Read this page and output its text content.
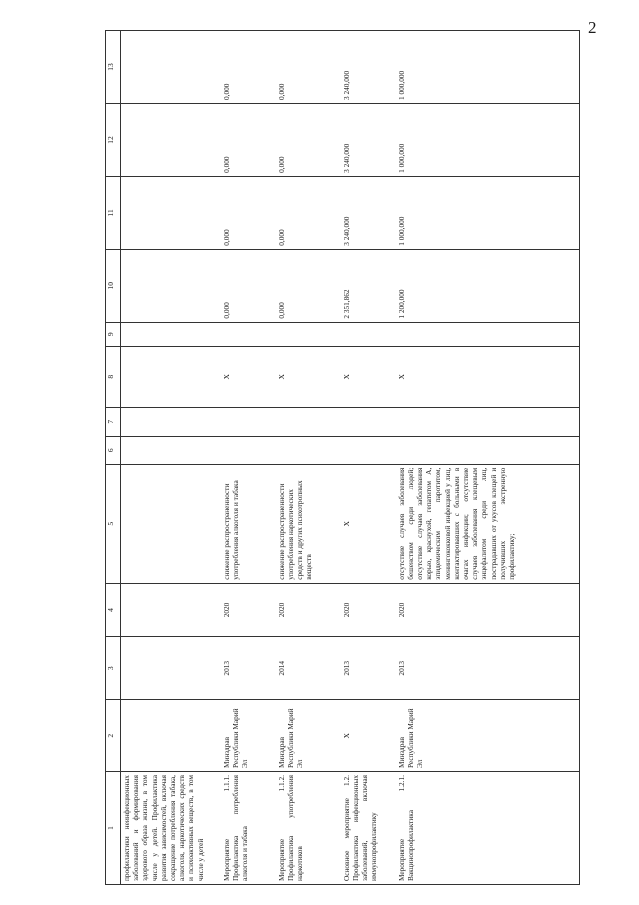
2
1	2	3	4	5	6	7	8	9	10	11	12	13
профилактики неинфекционных заболеваний и формирования здорового образа жизни, в том числе у детей. Профилактика развития зависимостей, включая сокращение потребления табака, алкоголя, наркотических средств и психоактивных веществ, в том числе у детей												
Мероприятие 1.1.1. Профилактика потребления алкоголя и табака	Минздрав Республики Марий Эл	2013	2020	снижение распространенности употребления алкоголя и табака			Х		0,000	0,000	0,000	0,000
Мероприятие 1.1.2. Профилактика употребления наркотиков	Минздрав Республики Марий Эл	2014	2020	снижение распространенности употребления наркотических средств и других психотропных веществ			Х		0,000	0,000	0,000	0,000
Основное мероприятие 1.2. Профилактика инфекционных заболеваний, включая иммунопрофилактику	Х	2013	2020	Х			Х		2 351,862	3 240,000	3 240,000	3 240,000
Мероприятие 1.2.1. Вакцинопрофилактика	Минздрав Республики Марий Эл	2013	2020	отсутствие случаев заболевания бешенством среди людей; отсутствие случаев заболевания корью, краснухой, гепатитом А, эпидемическим паротитом, менингококковой инфекцией у лиц, контактировавших с больными в очагах инфекции; отсутствие случаев заболевания клещевым энцефалитом среди лиц, пострадавших от укусов клещей и получивших экстренную профилактику;			Х		1 200,000	1 000,000	1 000,000	1 000,000
